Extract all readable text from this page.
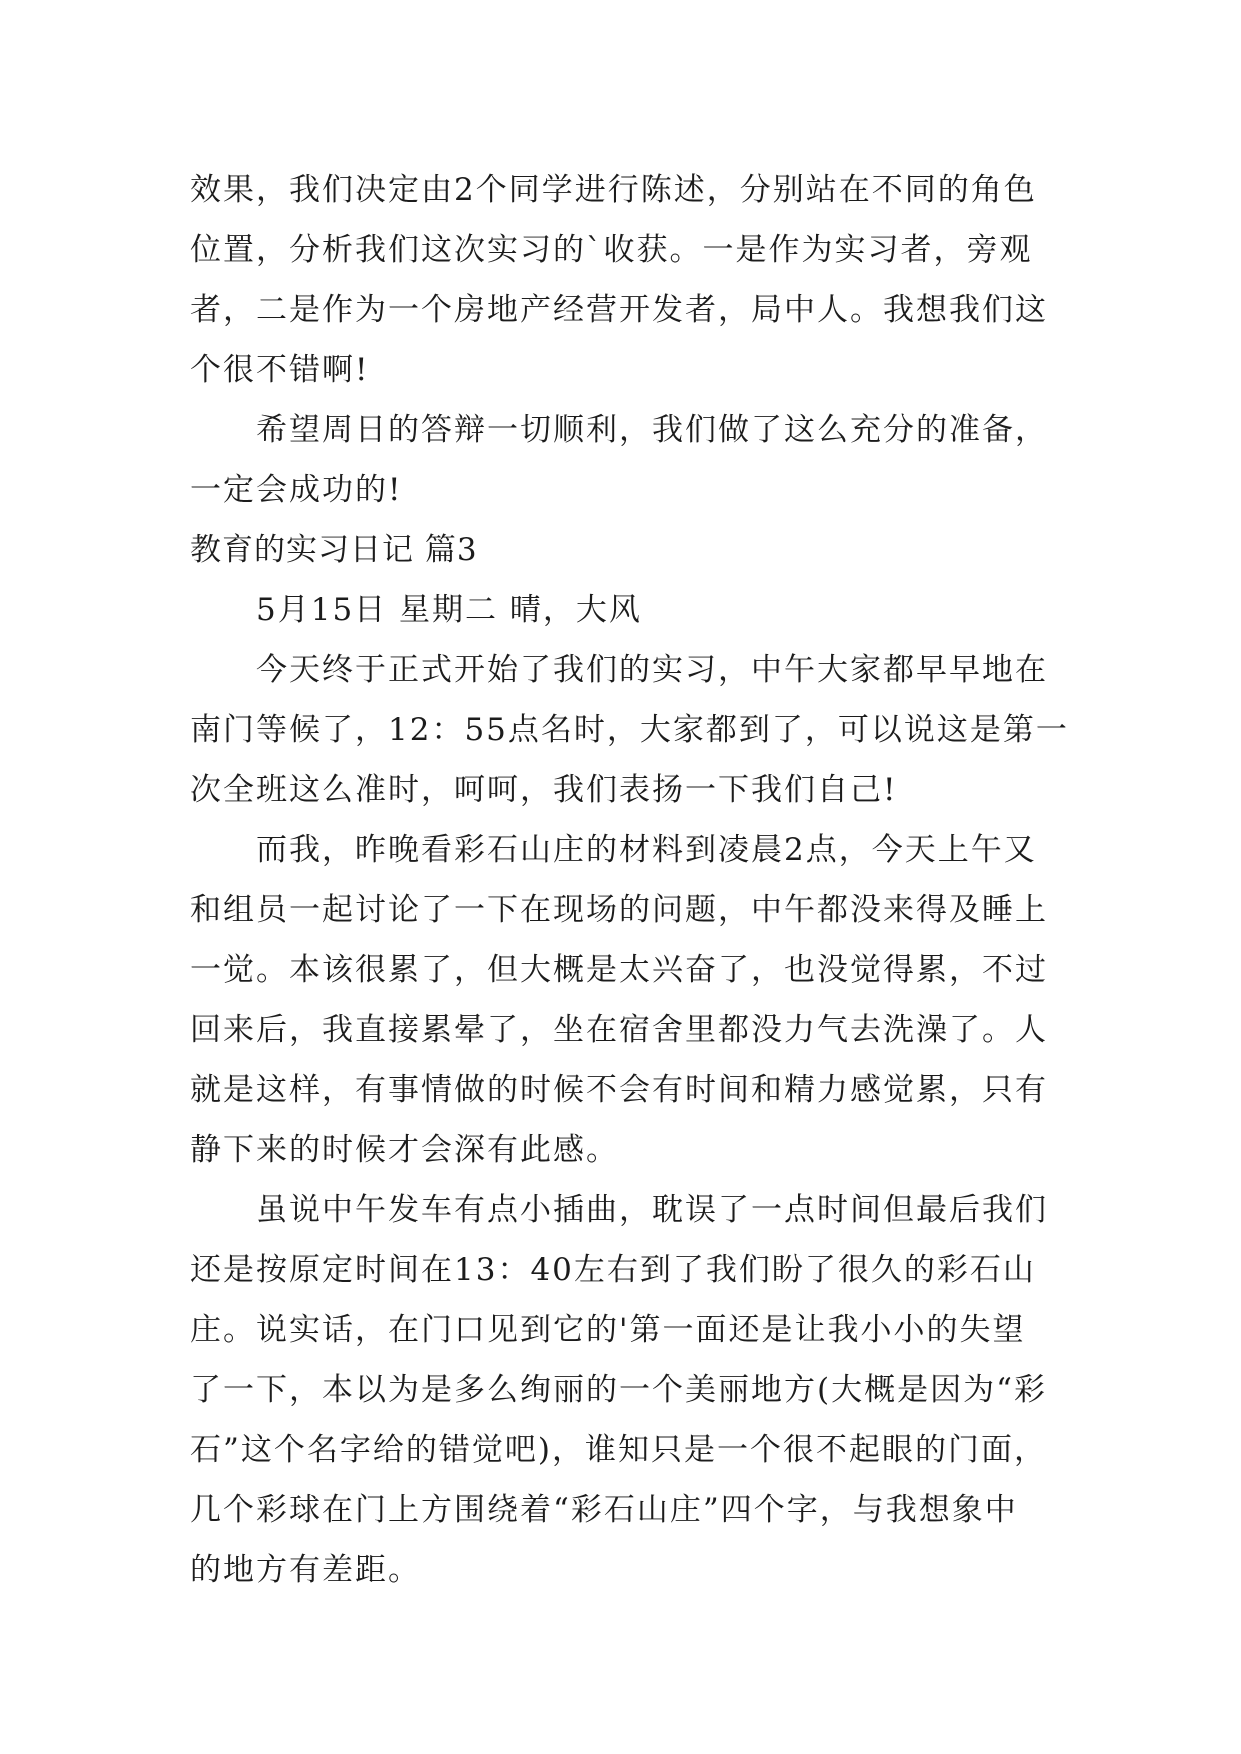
效果，我们决定由2个同学进行陈述，分别站在不同的角色
位置，分析我们这次实习的`收获。一是作为实习者，旁观
者，二是作为一个房地产经营开发者，局中人。我想我们这
个很不错啊!
希望周日的答辩一切顺利，我们做了这么充分的准备，
一定会成功的!
教育的实习日记 篇3
5月15日 星期二 晴，大风
今天终于正式开始了我们的实习，中午大家都早早地在
南门等候了，12：55点名时，大家都到了，可以说这是第一
次全班这么准时，呵呵，我们表扬一下我们自己!
而我，昨晚看彩石山庄的材料到凌晨2点，今天上午又
和组员一起讨论了一下在现场的问题，中午都没来得及睡上
一觉。本该很累了，但大概是太兴奋了，也没觉得累，不过
回来后，我直接累晕了，坐在宿舍里都没力气去洗澡了。人
就是这样，有事情做的时候不会有时间和精力感觉累，只有
静下来的时候才会深有此感。
虽说中午发车有点小插曲，耽误了一点时间但最后我们
还是按原定时间在13：40左右到了我们盼了很久的彩石山
庄。说实话，在门口见到它的'第一面还是让我小小的失望
了一下，本以为是多么绚丽的一个美丽地方(大概是因为“彩
石”这个名字给的错觉吧)，谁知只是一个很不起眼的门面，
几个彩球在门上方围绕着“彩石山庄”四个字，与我想象中
的地方有差距。
